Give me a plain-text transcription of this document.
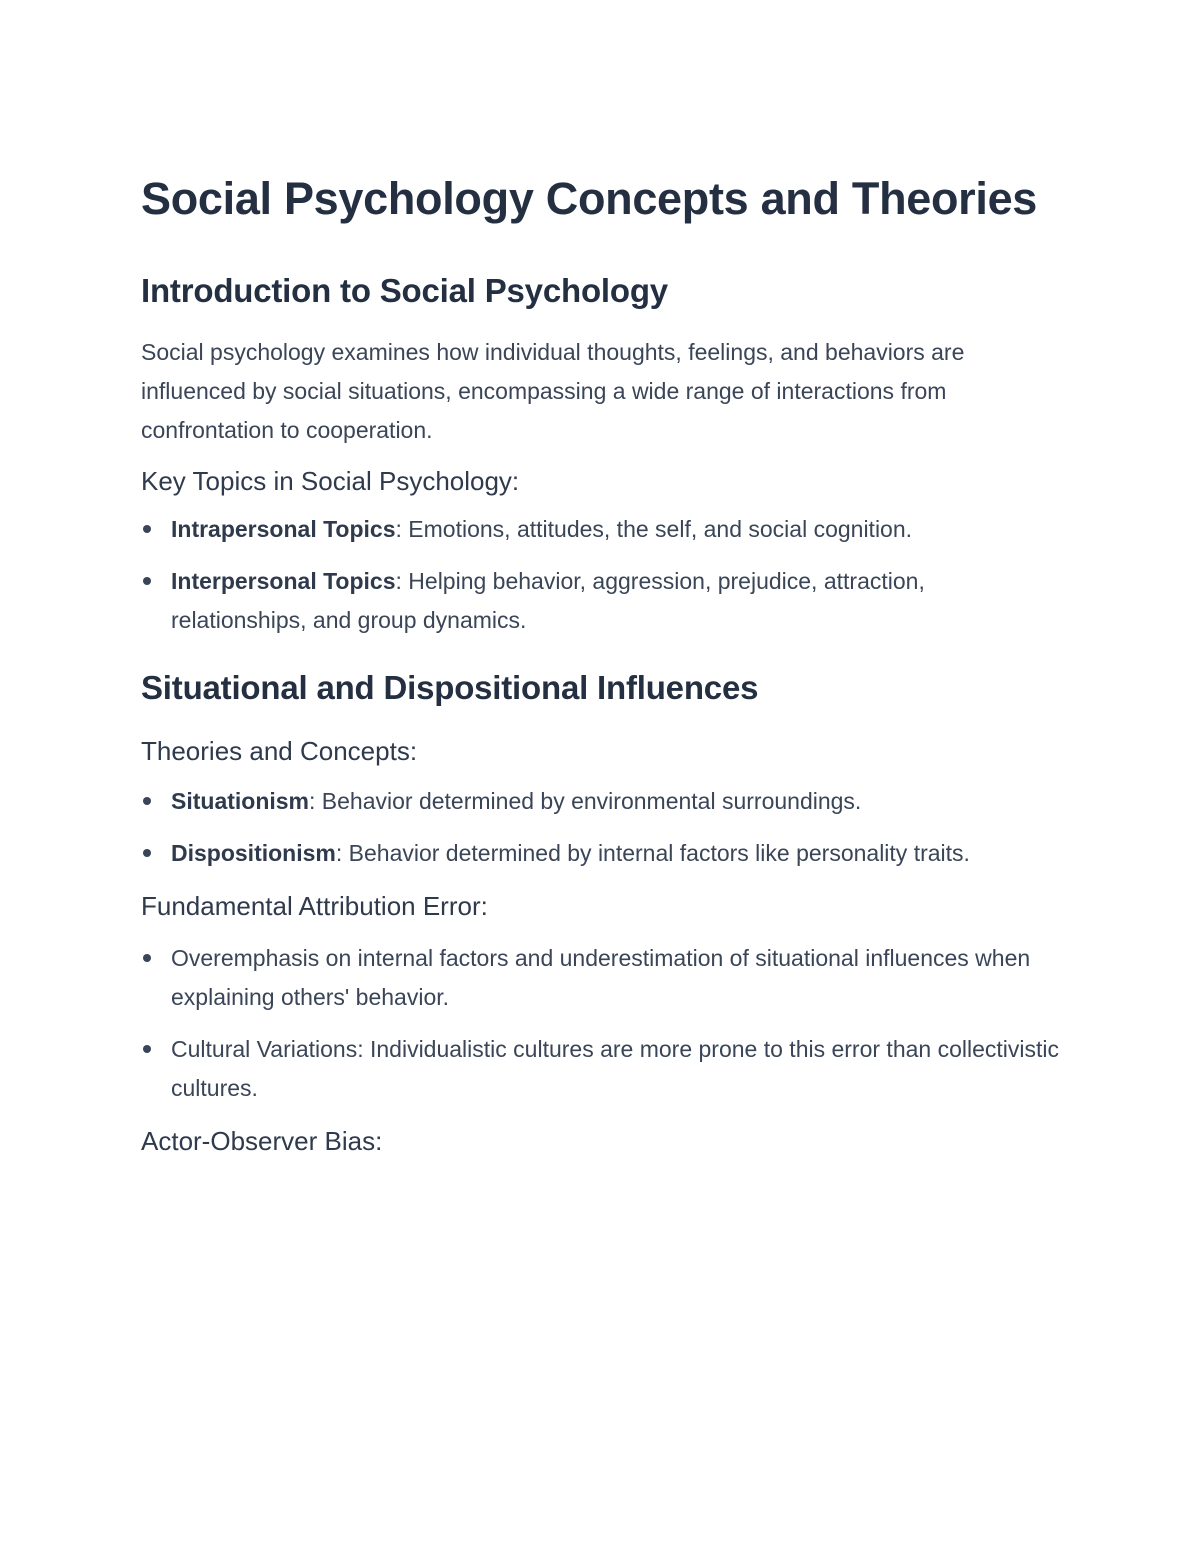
Social Psychology Concepts and Theories
Introduction to Social Psychology

Social psychology examines how individual thoughts, feelings, and behaviors are influenced by social situations, encompassing a wide range of interactions from confrontation to cooperation.

Key Topics in Social Psychology:
Intrapersonal Topics: Emotions, attitudes, the self, and social cognition.
Interpersonal Topics: Helping behavior, aggression, prejudice, attraction, relationships, and group dynamics.
Situational and Dispositional Influences
Theories and Concepts:
Situationism: Behavior determined by environmental surroundings.
Dispositionism: Behavior determined by internal factors like personality traits.
Fundamental Attribution Error:
Overemphasis on internal factors and underestimation of situational influences when explaining others' behavior.
Cultural Variations: Individualistic cultures are more prone to this error than collectivistic cultures.
Actor-Observer Bias:
